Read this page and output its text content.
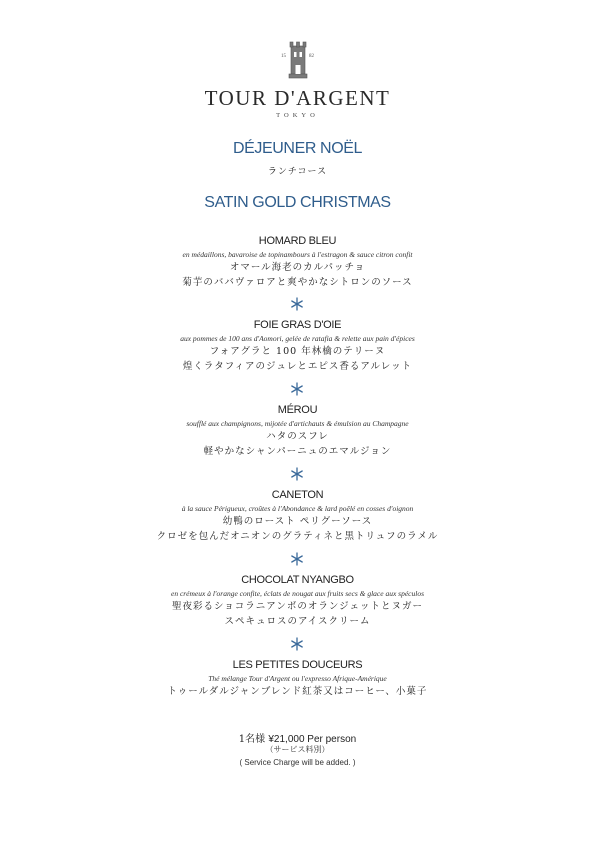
15	82
TOUR D'ARGENT
TOKYO
DÉJEUNER NOËL
ランチコース
SATIN GOLD CHRISTMAS
HOMARD BLEU
en médaillons, bavaroise de topinambours à l'estragon & sauce citron confit
オマール海老のカルパッチョ
菊芋のババヴァロアと爽やかなシトロンのソース
FOIE GRAS D'OIE
aux pommes de 100 ans d'Aomori, gelée de ratafia & relette aux pain d'épices
フォアグラと 100 年林檎のテリーヌ
煌くラタフィアのジュレとエピス香るアルレット
MÉROU
soufflé aux champignons, mijotée d'artichauts & émulsion au Champagne
ハタのスフレ
軽やかなシャンパーニュのエマルジョン
CANETON
à la sauce Périgueux, croûtes à l'Abondance & lard poêlé en cosses d'oignon
幼鴨のロースト ペリグーソース
クロゼを包んだオニオンのグラティネと黒トリュフのラメル
CHOCOLAT NYANGBO
en crémeux à l'orange confite, éclats de nougat aux fruits secs & glace aux spéculos
聖夜彩るショコラニアンボのオランジェットとヌガー
スペキュロスのアイスクリーム
LES PETITES DOUCEURS
Thé mélange Tour d'Argent ou l'expresso Afrique-Amérique
トゥールダルジャンブレンド紅茶又はコーヒー、小菓子
1名様 ¥21,000 Per person
（サービス料別）
( Service Charge will be added. )
